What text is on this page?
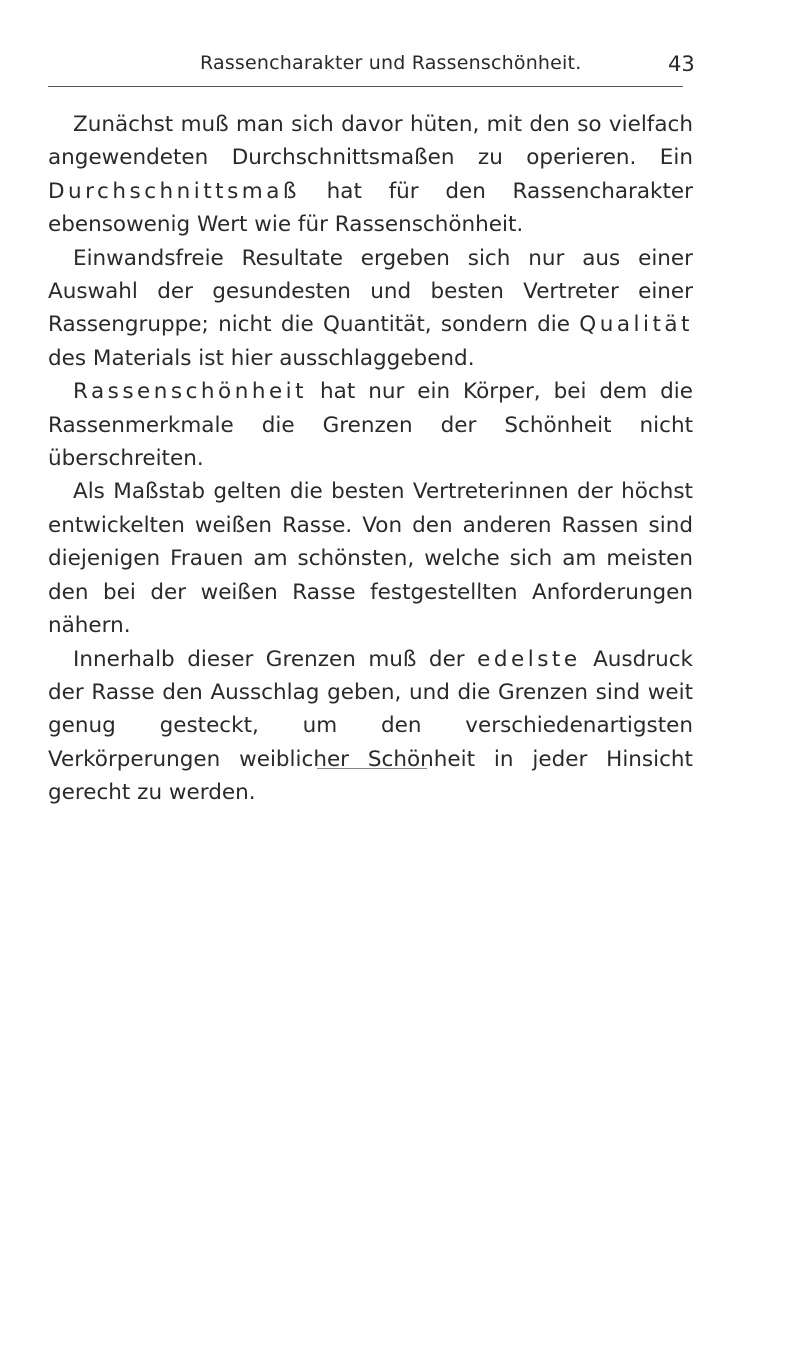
Rassencharakter und Rassenschönheit.	43

Zunächst muß man sich davor hüten, mit den so vielfach angewendeten Durchschnittsmaßen zu operieren. Ein Durchschnittsmaß hat für den Rassencharakter ebensowenig Wert wie für Rassenschönheit.

Einwandsfreie Resultate ergeben sich nur aus einer Auswahl der gesundesten und besten Vertreter einer Rassengruppe; nicht die Quantität, sondern die Qualität des Materials ist hier ausschlaggebend.

Rassenschönheit hat nur ein Körper, bei dem die Rassenmerkmale die Grenzen der Schönheit nicht überschreiten.

Als Maßstab gelten die besten Vertreterinnen der höchst entwickelten weißen Rasse. Von den anderen Rassen sind diejenigen Frauen am schönsten, welche sich am meisten den bei der weißen Rasse festgestellten Anforderungen nähern.

Innerhalb dieser Grenzen muß der edelste Ausdruck der Rasse den Ausschlag geben, und die Grenzen sind weit genug gesteckt, um den verschiedenartigsten Verkörperungen weiblicher Schönheit in jeder Hinsicht gerecht zu werden.
